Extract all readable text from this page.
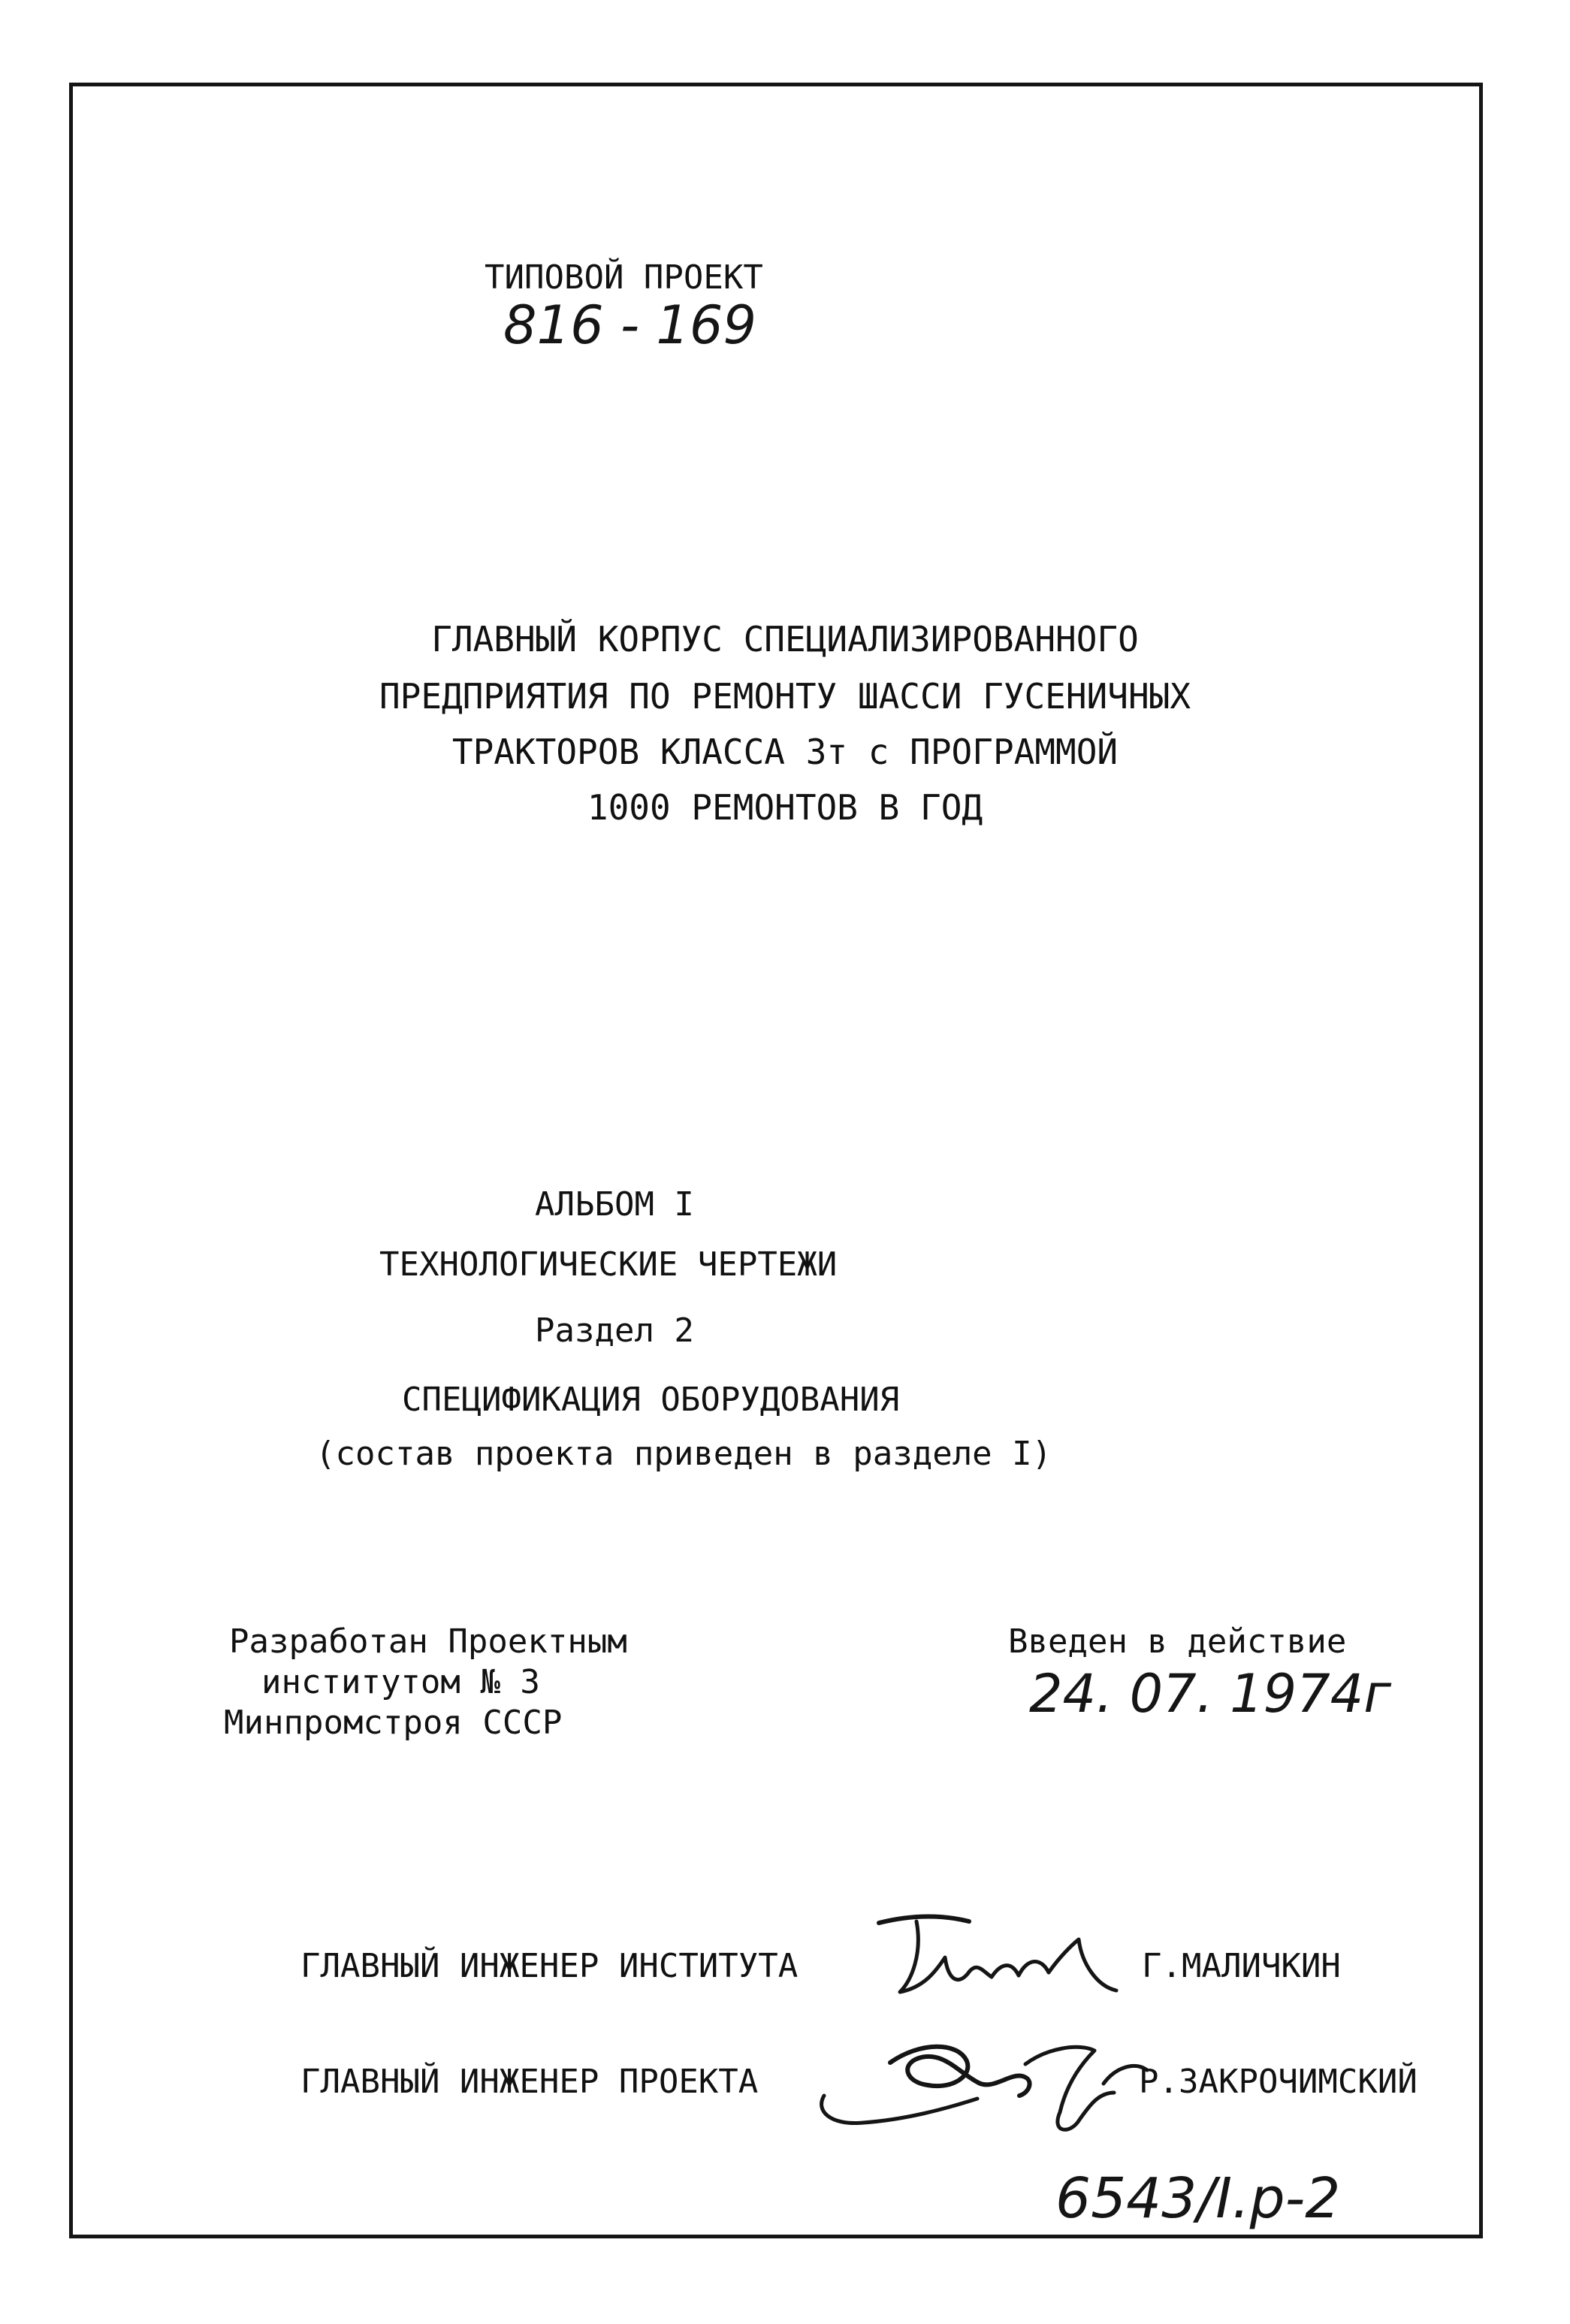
ТИПОВОЙ ПРОЕКТ
816 - 169
ГЛАВНЫЙ КОРПУС СПЕЦИАЛИЗИРОВАННОГО
ПРЕДПРИЯТИЯ ПО РЕМОНТУ ШАССИ ГУСЕНИЧНЫХ
ТРАКТОРОВ КЛАССА 3т с ПРОГРАММОЙ
1000 РЕМОНТОВ В ГОД
АЛЬБОМ I
ТЕХНОЛОГИЧЕСКИЕ ЧЕРТЕЖИ
Раздел 2
СПЕЦИФИКАЦИЯ ОБОРУДОВАНИЯ
(состав проекта приведен в разделе I)
Разработан Проектным
институтом № 3
Минпромстроя СССР
Введен в действие
24. 07. 1974г
ГЛАВНЫЙ ИНЖЕНЕР ИНСТИТУТА	Г.МАЛИЧКИН
ГЛАВНЫЙ ИНЖЕНЕР ПРОЕКТА	Р.ЗАКРОЧИМСКИЙ
6543/I.р-2
